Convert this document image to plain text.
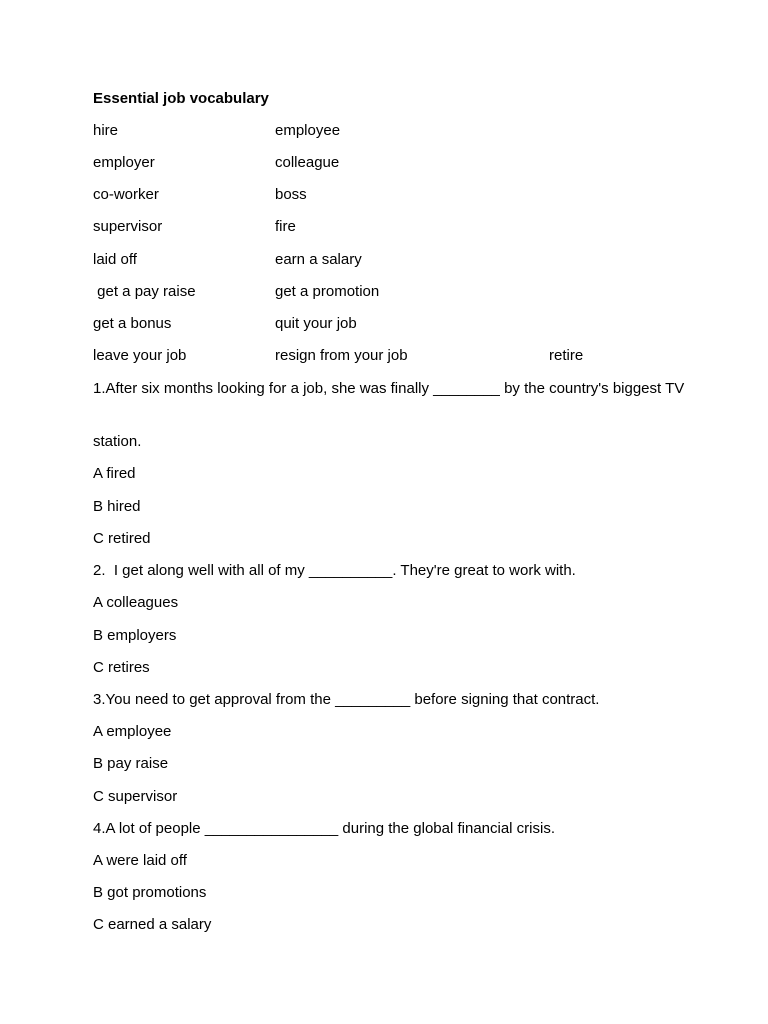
Essential job vocabulary
hire	employee
employer	colleague
co-worker	boss
supervisor	fire
laid off	earn a salary
get a pay raise	get a promotion
get a bonus	quit your job
leave your job	resign from your job	retire
1.After six months looking for a job, she was finally ________ by the country's biggest TV
station.
A fired
B hired
C retired
2.  I get along well with all of my __________. They're great to work with.
A colleagues
B employers
C retires
3.You need to get approval from the _________ before signing that contract.
A employee
B pay raise
C supervisor
4.A lot of people ________________ during the global financial crisis.
A were laid off
B got promotions
C earned a salary
